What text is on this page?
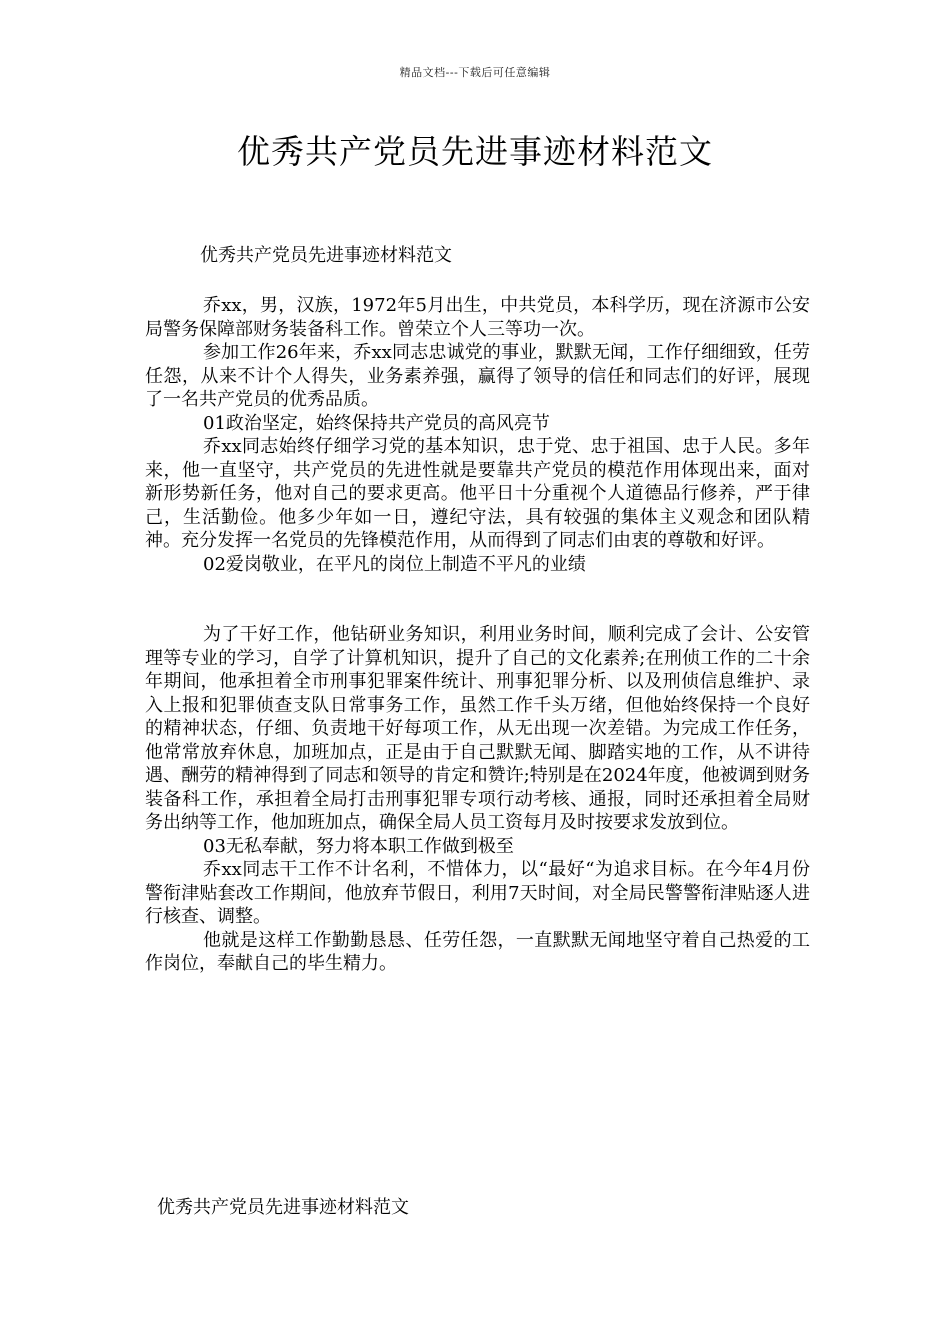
精品文档---下载后可任意编辑
优秀共产党员先进事迹材料范文

优秀共产党员先进事迹材料范文

乔xx，男，汉族，1972年5月出生，中共党员，本科学历，现在济源市公安局警务保障部财务装备科工作。曾荣立个人三等功一次。

参加工作26年来，乔xx同志忠诚党的事业，默默无闻，工作仔细细致，任劳任怨，从来不计个人得失，业务素养强，赢得了领导的信任和同志们的好评，展现了一名共产党员的优秀品质。

01政治坚定，始终保持共产党员的高风亮节

乔xx同志始终仔细学习党的基本知识，忠于党、忠于祖国、忠于人民。多年来，他一直坚守，共产党员的先进性就是要靠共产党员的模范作用体现出来，面对新形势新任务，他对自己的要求更高。他平日十分重视个人道德品行修养，严于律己，生活勤俭。他多少年如一日，遵纪守法，具有较强的集体主义观念和团队精神。充分发挥一名党员的先锋模范作用，从而得到了同志们由衷的尊敬和好评。

02爱岗敬业，在平凡的岗位上制造不平凡的业绩

为了干好工作，他钻研业务知识，利用业务时间，顺利完成了会计、公安管理等专业的学习，自学了计算机知识，提升了自己的文化素养;在刑侦工作的二十余年期间，他承担着全市刑事犯罪案件统计、刑事犯罪分析、以及刑侦信息维护、录入上报和犯罪侦查支队日常事务工作，虽然工作千头万绪，但他始终保持一个良好的精神状态，仔细、负责地干好每项工作，从无出现一次差错。为完成工作任务，他常常放弃休息，加班加点，正是由于自己默默无闻、脚踏实地的工作，从不讲待遇、酬劳的精神得到了同志和领导的肯定和赞许;特别是在2024年度，他被调到财务装备科工作，承担着全局打击刑事犯罪专项行动考核、通报，同时还承担着全局财务出纳等工作，他加班加点，确保全局人员工资每月及时按要求发放到位。

03无私奉献，努力将本职工作做到极至

乔xx同志干工作不计名利，不惜体力，以“最好“为追求目标。在今年4月份警衔津贴套改工作期间，他放弃节假日，利用7天时间，对全局民警警衔津贴逐人进行核查、调整。

他就是这样工作勤勤恳恳、任劳任怨，一直默默无闻地坚守着自己热爱的工作岗位，奉献自己的毕生精力。

优秀共产党员先进事迹材料范文
